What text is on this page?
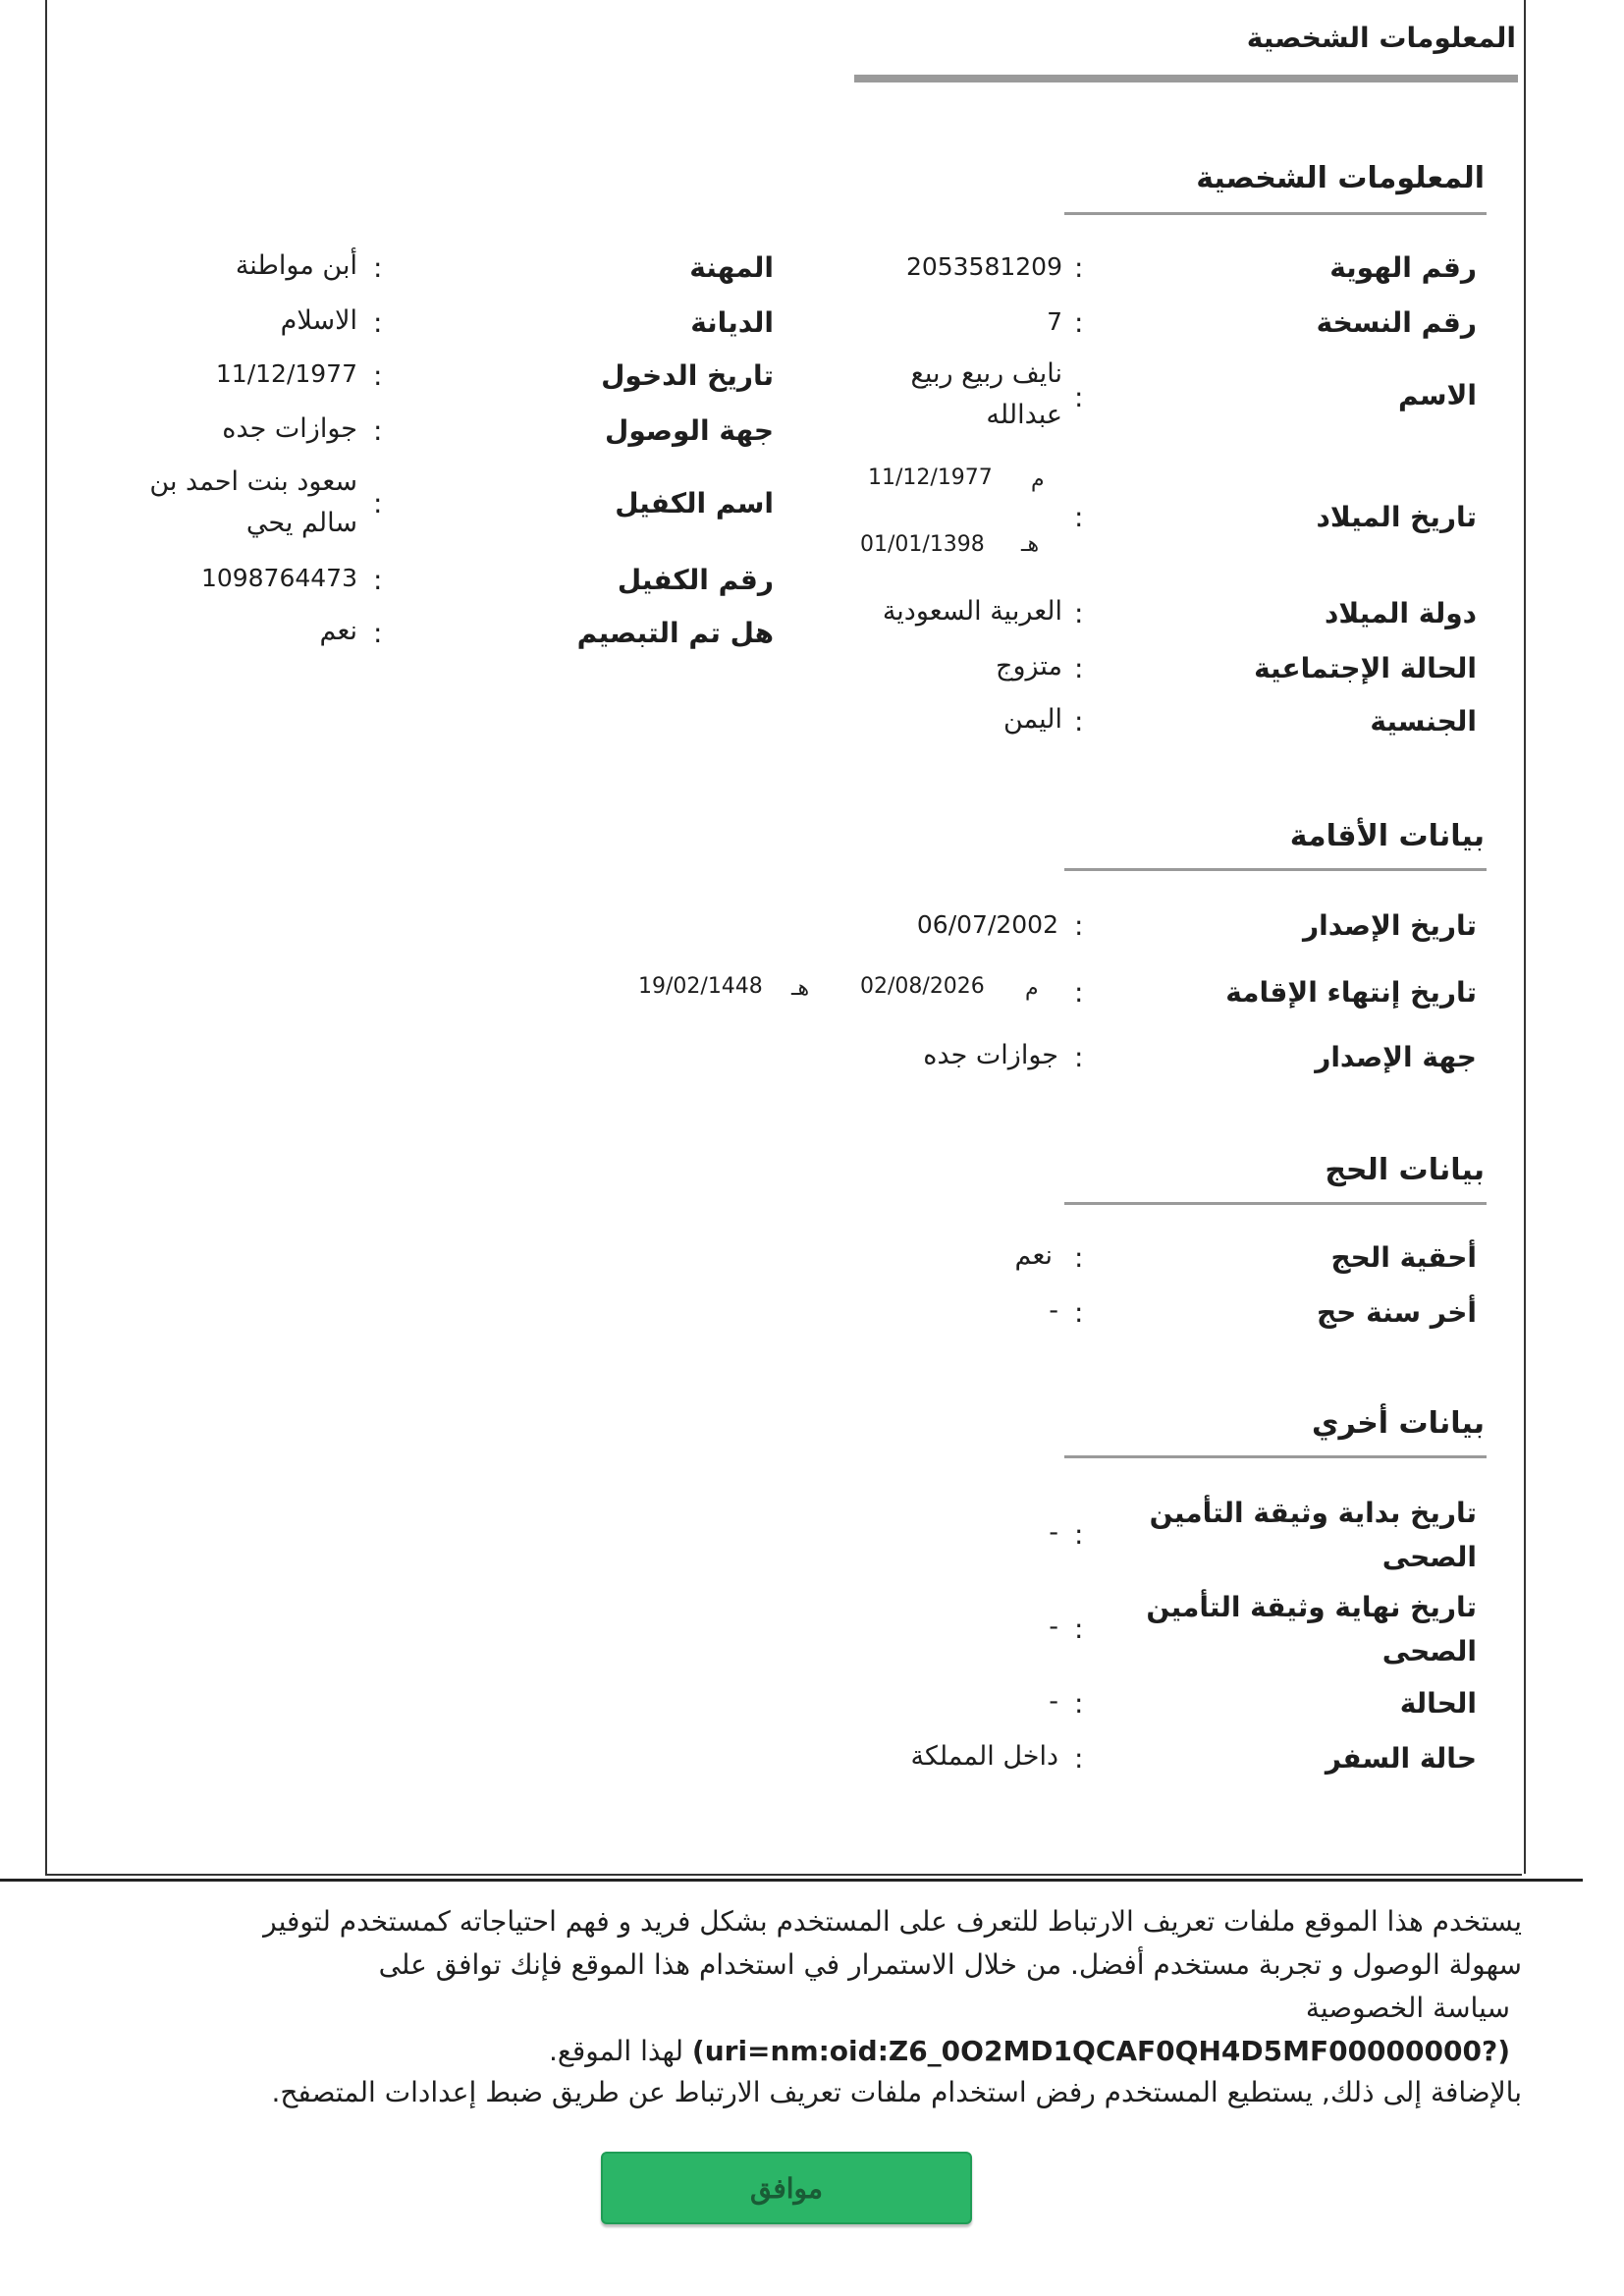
المعلومات الشخصية
المعلومات الشخصية
رقم الهوية
:
2053581209
رقم النسخة
:
7
الاسم
:
نايف ربيع ربيع عبدالله
تاريخ الميلاد
:
م
11/12/1977
هـ
01/01/1398
دولة الميلاد
:
العربية السعودية
الحالة الإجتماعية
:
متزوج
الجنسية
:
اليمن
المهنة
:
أبن مواطنة
الديانة
:
الاسلام
تاريخ الدخول
:
11/12/1977
جهة الوصول
:
جوازات جده
اسم الكفيل
:
سعود بنت احمد بن سالم يحي
رقم الكفيل
:
1098764473
هل تم التبصيم
:
نعم
بيانات الأقامة
تاريخ الإصدار
:
06/07/2002
تاريخ إنتهاء الإقامة
:
م
02/08/2026
هـ
19/02/1448
جهة الإصدار
:
جوازات جده
بيانات الحج
أحقية الحج
:
نعم
أخر سنة حج
:
-
بيانات أخري
تاريخ بداية وثيقة التأمين الصحى
:
-
تاريخ نهاية وثيقة التأمين الصحى
:
-
الحالة
:
-
حالة السفر
:
داخل المملكة
يستخدم هذا الموقع ملفات تعريف الارتباط للتعرف على المستخدم بشكل فريد و فهم احتياجاته كمستخدم لتوفير
سهولة الوصول و تجربة مستخدم أفضل. من خلال الاستمرار في استخدام هذا الموقع فإنك توافق على
سياسة الخصوصية
(uri=nm:oid:Z6_0O2MD1QCAF0QH4D5MF00000000?) لهذا الموقع.
بالإضافة إلى ذلك, يستطيع المستخدم رفض استخدام ملفات تعريف الارتباط عن طريق ضبط إعدادات المتصفح.
موافق
